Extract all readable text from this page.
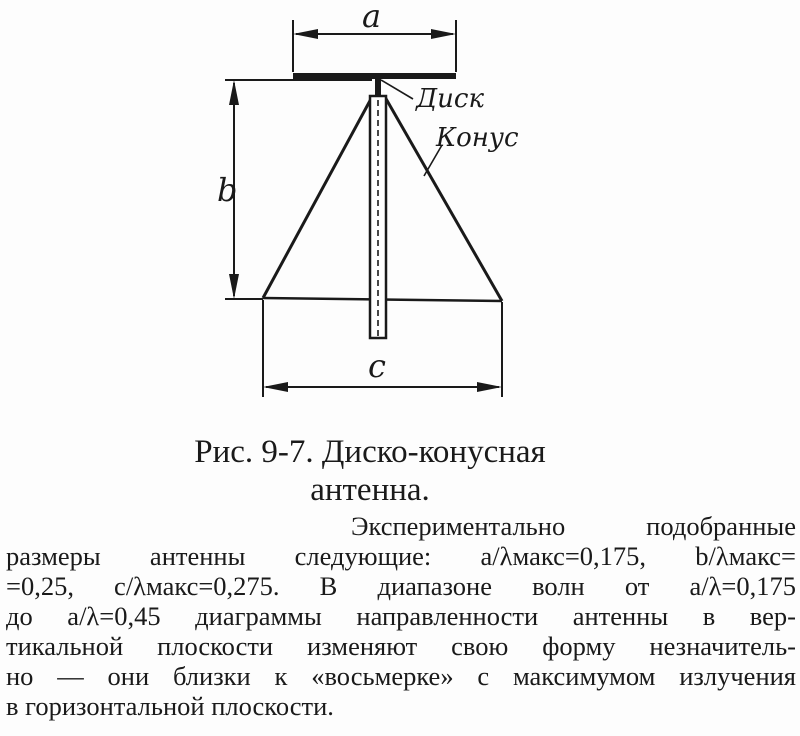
a
b
c
Диск
Конус
Рис. 9-7. Диско-конусная
антенна.
Экспериментально подобранные
размеры антенны следующие: a/λмакс=0,175, b/λмакс=
=0,25, c/λмакс=0,275. В диапазоне волн от a/λ=0,175
до a/λ=0,45 диаграммы направленности антенны в вер-
тикальной плоскости изменяют свою форму незначитель-
но — они близки к «восьмерке» с максимумом излучения
в горизонтальной плоскости.
